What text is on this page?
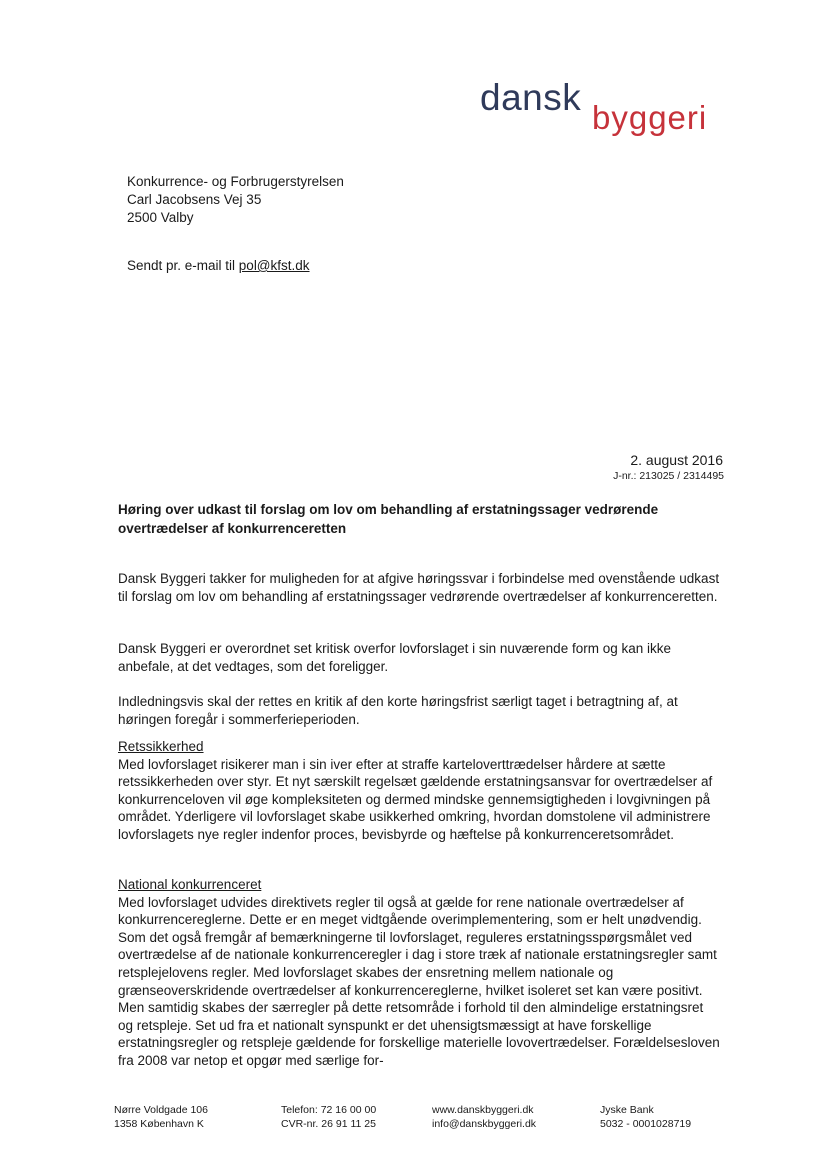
dansk byggeri
Konkurrence- og Forbrugerstyrelsen
Carl Jacobsens Vej 35
2500 Valby
Sendt pr. e-mail til pol@kfst.dk
2. august 2016
J-nr.: 213025 / 2314495
Høring over udkast til forslag om lov om behandling af erstatningssager vedrørende overtrædelser af konkurrenceretten
Dansk Byggeri takker for muligheden for at afgive høringssvar i forbindelse med ovenstående udkast til forslag om lov om behandling af erstatningssager vedrørende overtrædelser af konkurrenceretten.
Dansk Byggeri er overordnet set kritisk overfor lovforslaget i sin nuværende form og kan ikke anbefale, at det vedtages, som det foreligger.
Indledningsvis skal der rettes en kritik af den korte høringsfrist særligt taget i betragtning af, at høringen foregår i sommerferieperioden.
Retssikkerhed
Med lovforslaget risikerer man i sin iver efter at straffe karteloverttrædelser hårdere at sætte retssikkerheden over styr. Et nyt særskilt regelsæt gældende erstatningsansvar for overtrædelser af konkurrenceloven vil øge kompleksiteten og dermed mindske gennemsigtigheden i lovgivningen på området. Yderligere vil lovforslaget skabe usikkerhed omkring, hvordan domstolene vil administrere lovforslagets nye regler indenfor proces, bevisbyrde og hæftelse på konkurrenceretsområdet.
National konkurrenceret
Med lovforslaget udvides direktivets regler til også at gælde for rene nationale overtrædelser af konkurrencereglerne. Dette er en meget vidtgående overimplementering, som er helt unødvendig. Som det også fremgår af bemærkningerne til lovforslaget, reguleres erstatningsspørgsmålet ved overtrædelse af de nationale konkurrenceregler i dag i store træk af nationale erstatningsregler samt retsplejelovens regler. Med lovforslaget skabes der ensretning mellem nationale og grænseoverskridende overtrædelser af konkurrencereglerne, hvilket isoleret set kan være positivt. Men samtidig skabes der særregler på dette retsområde i forhold til den almindelige erstatningsret og retspleje. Set ud fra et nationalt synspunkt er det uhensigtsmæssigt at have forskellige erstatningsregler og retspleje gældende for forskellige materielle lovovertrædelser. Forældelsesloven fra 2008 var netop et opgør med særlige for-
Nørre Voldgade 106
1358 København K
Telefon: 72 16 00 00
CVR-nr. 26 91 11 25
www.danskbyggeri.dk
info@danskbyggeri.dk
Jyske Bank
5032 - 0001028719
